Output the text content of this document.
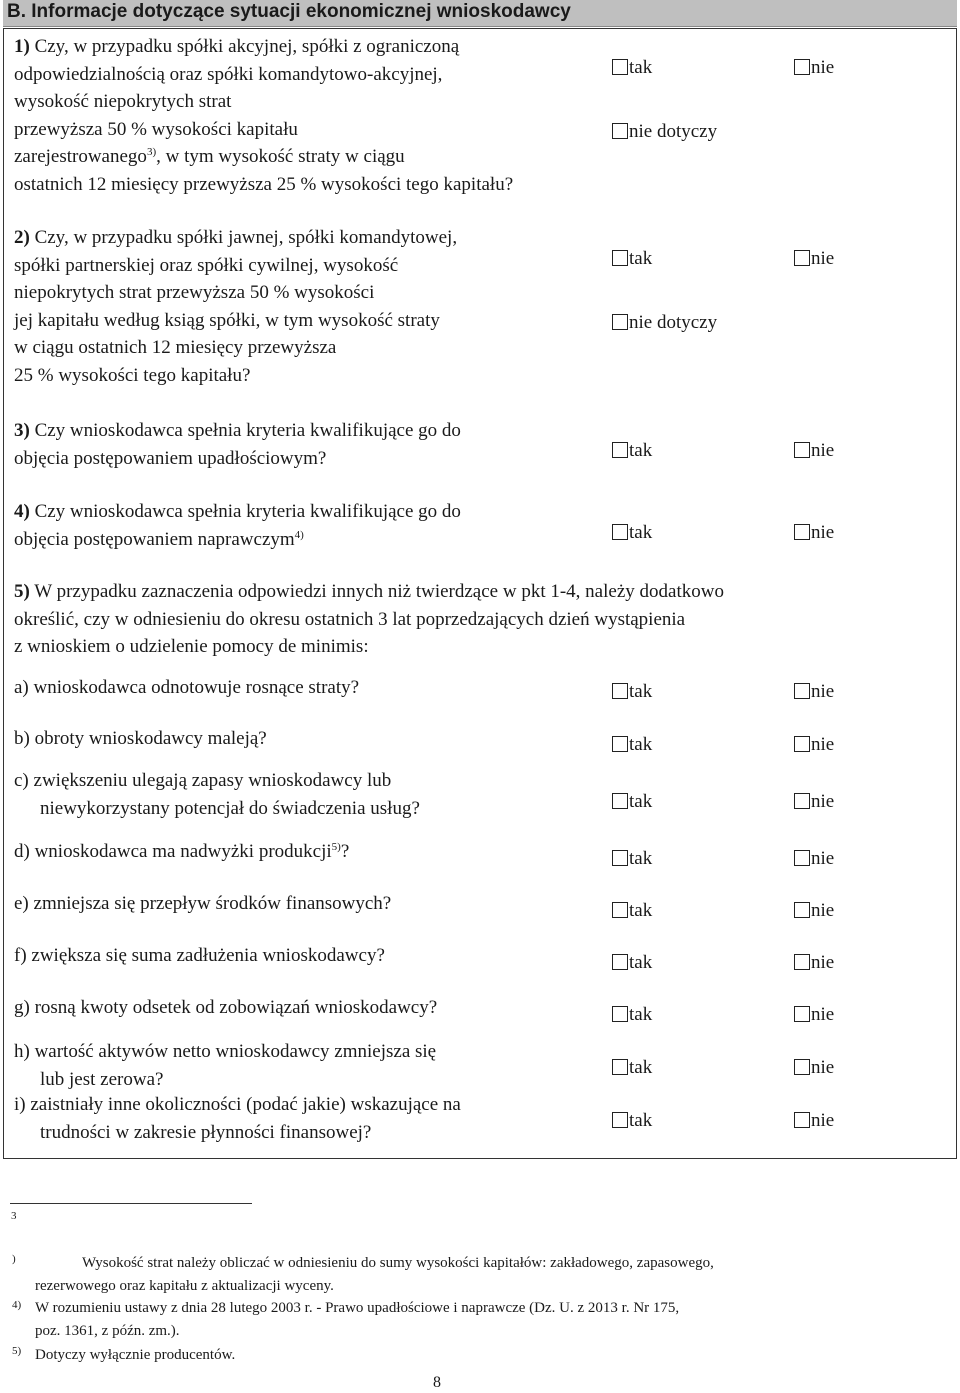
B. Informacje dotyczące sytuacji ekonomicznej wnioskodawcy
1) Czy, w przypadku spółki akcyjnej, spółki z ograniczoną
odpowiedzialnością oraz spółki komandytowo-akcyjnej,
wysokość niepokrytych strat
przewyższa 50 % wysokości kapitału
zarejestrowanego$^{3)}$, w tym wysokość straty w ciągu
ostatnich 12 miesięcy przewyższa 25 % wysokości tego kapitału?
tak	nie
nie dotyczy
2) Czy, w przypadku spółki jawnej, spółki komandytowej,
spółki partnerskiej oraz spółki cywilnej, wysokość
niepokrytych strat przewyższa 50 % wysokości
jej kapitału według ksiąg spółki, w tym wysokość straty
w ciągu ostatnich 12 miesięcy przewyższa
25 % wysokości tego kapitału?
tak	nie
nie dotyczy
3) Czy wnioskodawca spełnia kryteria kwalifikujące go do
objęcia postępowaniem upadłościowym?	tak	nie
4) Czy wnioskodawca spełnia kryteria kwalifikujące go do
objęcia postępowaniem naprawczym$^{4)}$	tak	nie
5) W przypadku zaznaczenia odpowiedzi innych niż twierdzące w pkt 1-4, należy dodatkowo
określić, czy w odniesieniu do okresu ostatnich 3 lat poprzedzających dzień wystąpienia
z wnioskiem o udzielenie pomocy de minimis:
a) wnioskodawca odnotowuje rosnące straty?	tak	nie
b) obroty wnioskodawcy maleją?	tak	nie
c) zwiększeniu ulegają zapasy wnioskodawcy lub
niewykorzystany potencjał do świadczenia usług?	tak	nie
d) wnioskodawca ma nadwyżki produkcji$^{5)}$?	tak	nie
e) zmniejsza się przepływ środków finansowych?	tak	nie
f) zwiększa się suma zadłużenia wnioskodawcy?	tak	nie
g) rosną kwoty odsetek od zobowiązań wnioskodawcy?	tak	nie
h) wartość aktywów netto wnioskodawcy zmniejsza się
lub jest zerowa?
tak	nie
i) zaistniały inne okoliczności (podać jakie) wskazujące na
trudności w zakresie płynności finansowej?
tak	nie
3
)	Wysokość strat należy obliczać w odniesieniu do sumy wysokości kapitałów: zakładowego, zapasowego,
rezerwowego oraz kapitału z aktualizacji wyceny.
4) W rozumieniu ustawy z dnia 28 lutego 2003 r. - Prawo upadłościowe i naprawcze (Dz. U. z 2013 r. Nr 175,
poz. 1361, z późn. zm.).
5) Dotyczy wyłącznie producentów.
8
